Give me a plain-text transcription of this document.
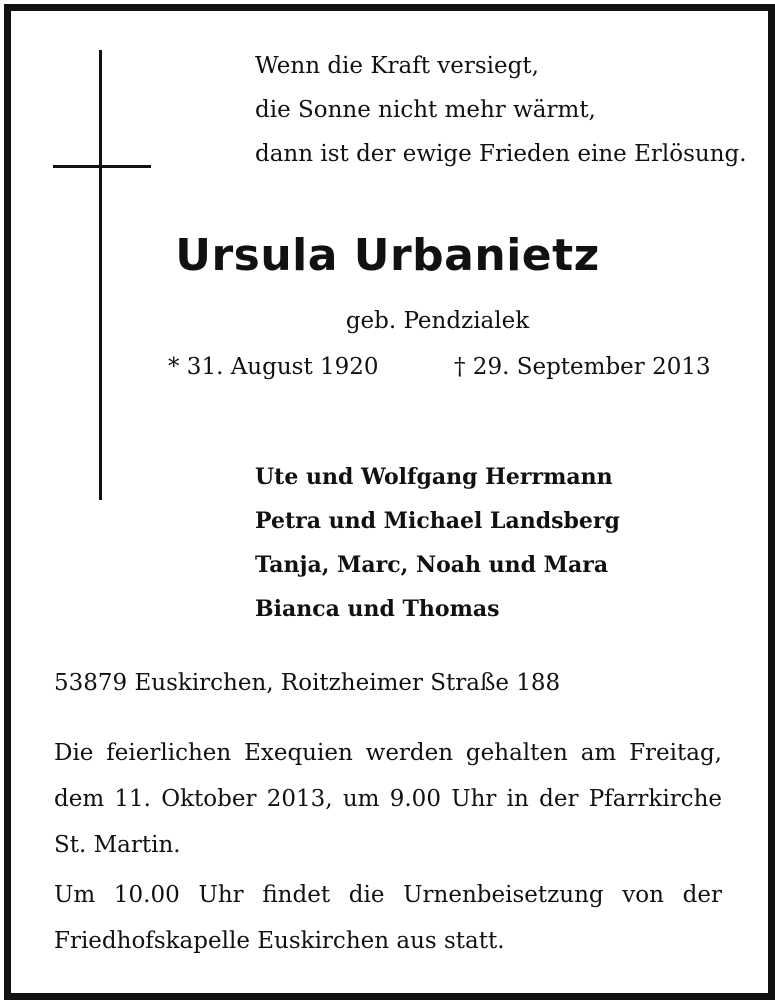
Wenn die Kraft versiegt,
die Sonne nicht mehr wärmt,
dann ist der ewige Frieden eine Erlösung.
Ursula Urbanietz
geb. Pendzialek
* 31. August 1920	† 29. September 2013
Ute und Wolfgang Herrmann
Petra und Michael Landsberg
Tanja, Marc, Noah und Mara
Bianca und Thomas
53879 Euskirchen, Roitzheimer Straße 188
Die feierlichen Exequien werden gehalten am Freitag, dem 11. Oktober 2013, um 9.00 Uhr in der Pfarrkirche St. Martin.
Um 10.00 Uhr findet die Urnenbeisetzung von der Friedhofskapelle Euskirchen aus statt.
